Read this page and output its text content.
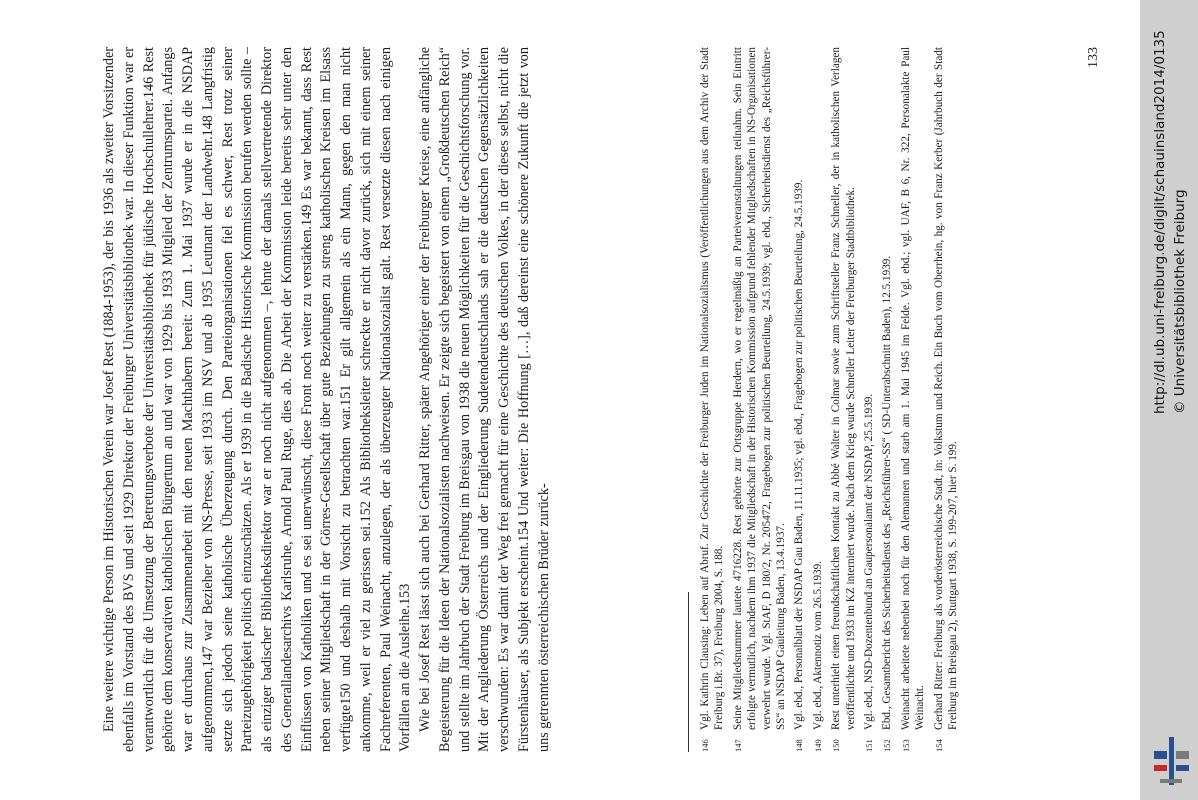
Eine weitere wichtige Person im Historischen Verein war Josef Rest (1884-1953), der bis 1936 als zweiter Vorsitzender ebenfalls im Vorstand des BVS und seit 1929 Direktor der Freiburger Universitätsbibliothek war. In dieser Funktion war er verantwortlich für die Umsetzung der Betretungsverbote der Universitätsbibliothek für jüdische Hochschullehrer.146 Rest gehörte dem konservativen katholischen Bürgertum an und war von 1929 bis 1933 Mitglied der Zentrumspartei. Anfangs war er durchaus zur Zusammenarbeit mit den neuen Machthabern bereit: Zum 1. Mai 1937 wurde er in die NSDAP aufgenommen,147 war Bezieher von NS-Presse, seit 1933 im NSV und ab 1935 Leutnant der Landwehr.148 Langfristig setzte sich jedoch seine katholische Überzeugung durch. Den Parteiorganisationen fiel es schwer, Rest trotz seiner Parteizugehörigkeit politisch einzuschätzen. Als er 1939 in die Badische Historische Kommission berufen werden sollte – als einziger badischer Bibliotheksdirektor war er noch nicht aufgenommen –, lehnte der damals stellvertretende Direktor des Generallandesarchivs Karlsruhe, Arnold Paul Ruge, dies ab. Die Arbeit der Kommission leide bereits sehr unter den Einflüssen von Katholiken und es sei unerwünscht, diese Front noch weiter zu verstärken.149 Es war bekannt, dass Rest neben seiner Mitgliedschaft in der Görres-Gesellschaft über gute Beziehungen zu streng katholischen Kreisen im Elsass verfügte150 und deshalb mit Vorsicht zu betrachten war.151 Er gilt allgemein als ein Mann, gegen den man nicht ankomme, weil er viel zu gerissen sei.152 Als Bibliotheksleiter schreckte er nicht davor zurück, sich mit einem seiner Fachreferenten, Paul Weinacht, anzulegen, der als überzeugter Nationalsozialist galt. Rest versetzte diesen nach einigen Vorfällen an die Ausleihe.153 Wie bei Josef Rest lässt sich auch bei Gerhard Ritter, später Angehöriger einer der Freiburger Kreise, eine anfängliche Begeisterung für die Ideen der Nationalsozialisten nachweisen. Er zeigte sich begeistert von einem „Großdeutschen Reich“ und stellte im Jahrbuch der Stadt Freiburg im Breisgau von 1938 die neuen Möglichkeiten für die Geschichtsforschung vor. Mit der Angliederung Österreichs und der Eingliederung Sudetendeutschlands sah er die deutschen Gegensätzlichkeiten verschwunden: Es war damit der Weg frei gemacht für eine Geschichte des deutschen Volkes, in der dieses selbst, nicht die Fürstenhäuser, als Subjekt erscheint.154 Und weiter: Die Hoffnung […], daß dereinst eine schönere Zukunft die jetzt von uns getrennten österreichischen Brüder zurück-	146
Vgl. Kathrin Clausing: Leben auf Abruf. Zur Geschichte der Freiburger Juden im Nationalsozialismus (Veröffentlichungen aus dem Archiv der Stadt Freiburg i.Br. 37), Freiburg 2004, S. 188.
147
Seine Mitgliedsnummer lautete 4716228. Rest gehörte zur Ortsgruppe Herdern, wo er regelmäßig an Parteiveranstaltungen teilnahm. Sein Eintritt erfolgte vermutlich, nachdem ihm 1937 die Mitgliedschaft in der Historischen Kommission aufgrund fehlender Mitgliedschaften in NS-Organisationen verwehrt wurde. Vgl. StAF, D 180/2, Nr. 205472, Fragebogen zur politischen Beurteilung, 24.5.1939; vgl. ebd., Sicherheitsdienst des „Reichsführer-SS“ an NSDAP Gauleitung Baden, 13.4.1937.
148
Vgl. ebd., Personalblatt der NSDAP Gau Baden, 11.11.1935; vgl. ebd., Fragebogen zur politischen Beurteilung, 24.5.1939.
149
Vgl. ebd., Aktennotiz vom 26.5.1939.
150
Rest unterhielt einen freundschaftlichen Kontakt zu Abbé Walter in Colmar sowie zum Schriftsteller Franz Schneller, der in katholischen Verlagen veröffentlichte und 1933 im KZ interniert wurde. Nach dem Krieg wurde Schneller Leiter der Freiburger Stadtbibliothek.
151
Vgl. ebd., NSD-Dozentenbund an Gaupersonalamt der NSDAP, 25.5.1939.
152
Ebd., Gesamtbericht des Sicherheitsdienst des „Reichsführer-SS“ ( SD-Unterabschnitt Baden), 12.5.1939.
153
Weinacht arbeitete nebenbei noch für den Alemannen und starb am 1. Mai 1945 im Felde. Vgl. ebd.; vgl. UAF, B 6, Nr. 322, Personalakte Paul Weinacht.
154
Gerhard Ritter: Freiburg als vorderösterreichische Stadt, in: Volkstum und Reich. Ein Buch vom Oberrhein, hg. von Franz Kerber (Jahrbuch der Stadt Freiburg im Breisgau 2), Stuttgart 1938, S. 199-207, hier S. 199.
133	http://dl.ub.uni-freiburg.de/diglit/schauinsland2014/0135 © Universitätsbibliothek Freiburg
